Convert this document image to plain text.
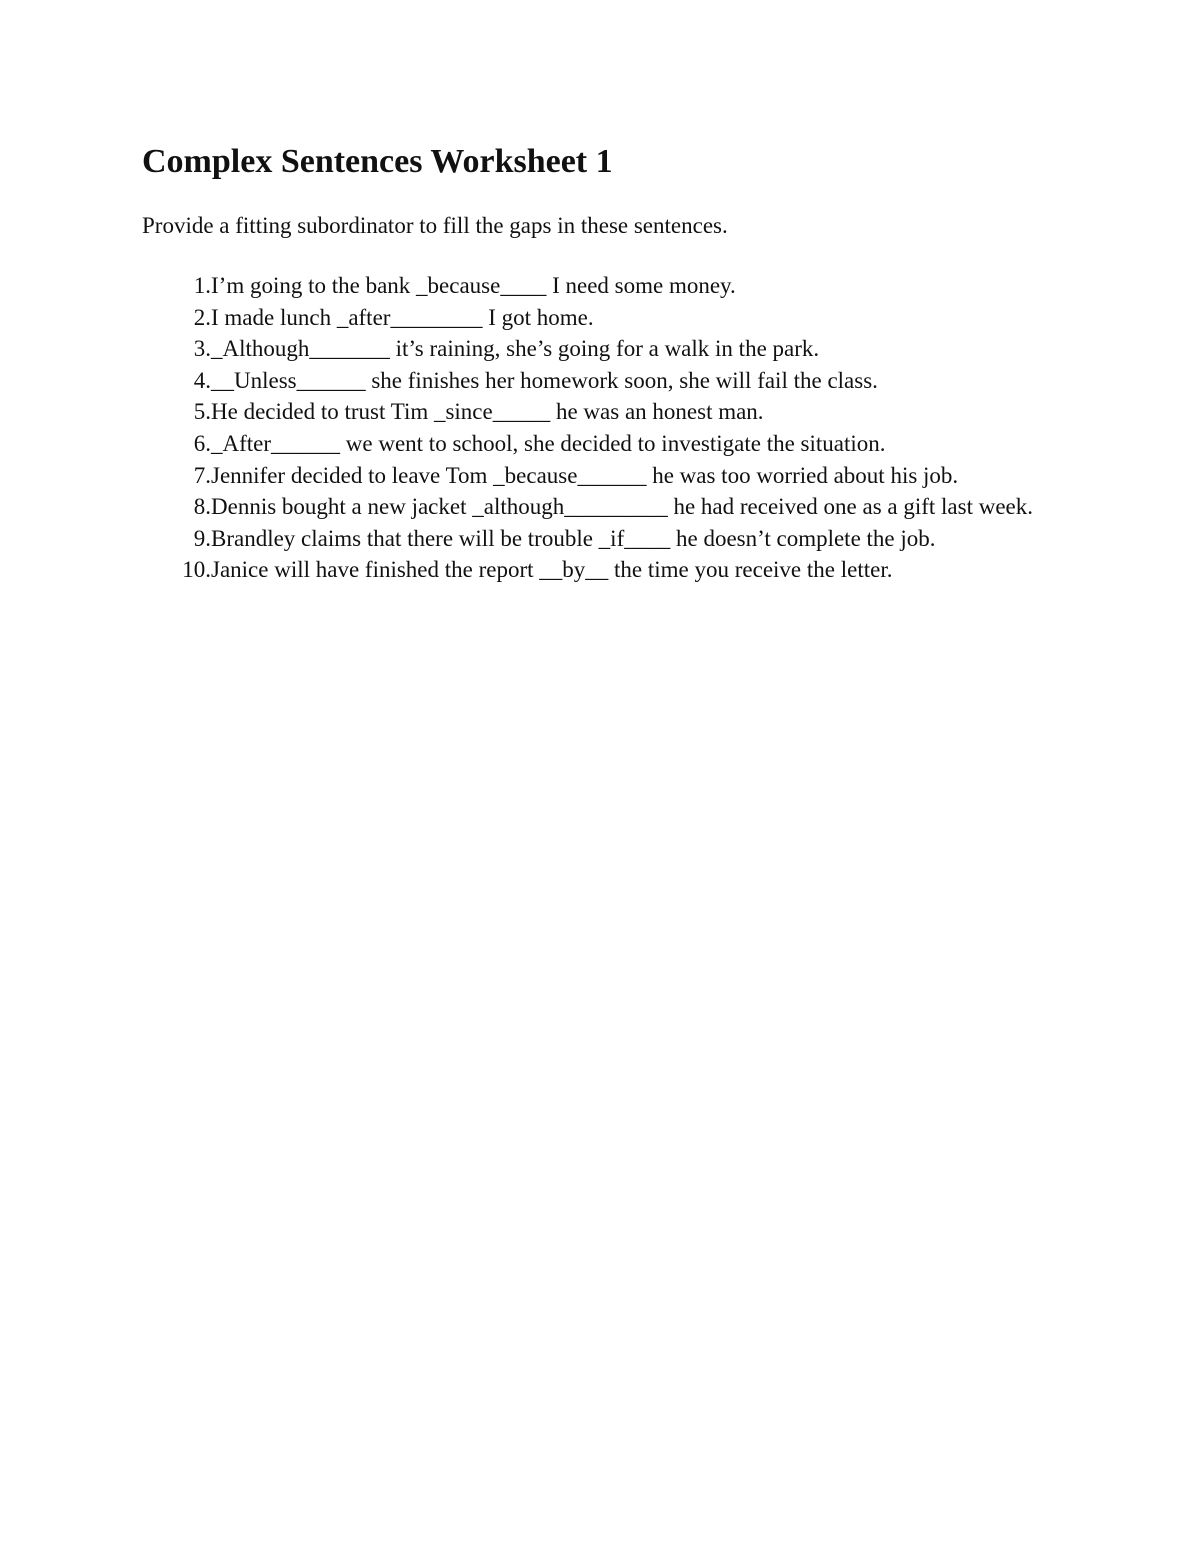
Complex Sentences Worksheet 1

Provide a fitting subordinator to fill the gaps in these sentences.

1. I’m going to the bank _because____ I need some money.
2. I made lunch _after________ I got home.
3. _Although_______ it’s raining, she’s going for a walk in the park.
4. __Unless______ she finishes her homework soon, she will fail the class.
5. He decided to trust Tim _since_____ he was an honest man.
6. _After______ we went to school, she decided to investigate the situation.
7. Jennifer decided to leave Tom _because______ he was too worried about his job.
8. Dennis bought a new jacket _although_________ he had received one as a gift last week.
9. Brandley claims that there will be trouble _if____ he doesn’t complete the job.
10. Janice will have finished the report __by__ the time you receive the letter.
